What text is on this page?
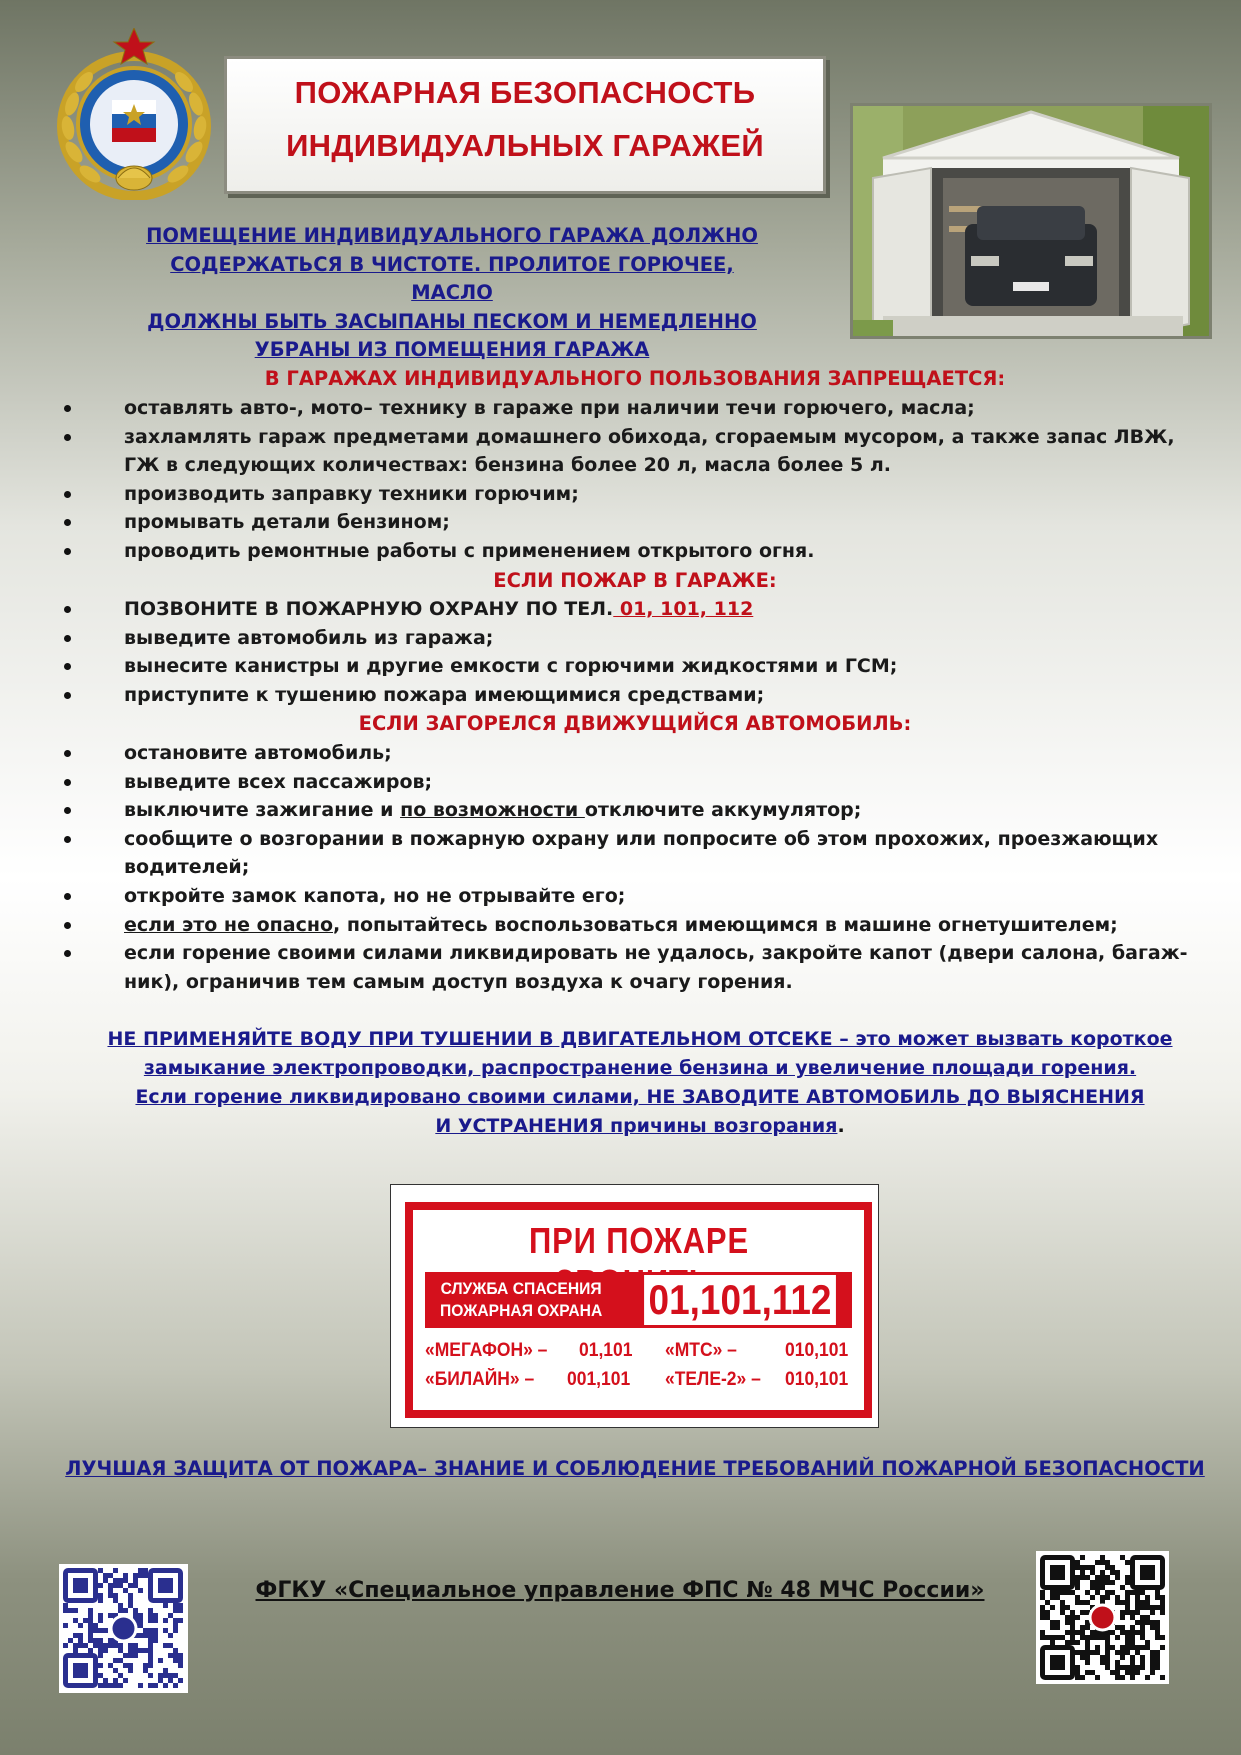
ПОЖАРНАЯ БЕЗОПАСНОСТЬ
ИНДИВИДУАЛЬНЫХ ГАРАЖЕЙ
ПОМЕЩЕНИЕ ИНДИВИДУАЛЬНОГО ГАРАЖА ДОЛЖНО
СОДЕРЖАТЬСЯ В ЧИСТОТЕ. ПРОЛИТОЕ ГОРЮЧЕЕ, МАСЛО
ДОЛЖНЫ БЫТЬ ЗАСЫПАНЫ ПЕСКОМ И НЕМЕДЛЕННО
УБРАНЫ ИЗ ПОМЕЩЕНИЯ ГАРАЖА
В ГАРАЖАХ ИНДИВИДУАЛЬНОГО ПОЛЬЗОВАНИЯ ЗАПРЕЩАЕТСЯ:
оставлять авто-, мото– технику в гараже при наличии течи горючего, масла;
захламлять гараж предметами домашнего обихода, сгораемым мусором, а также запас ЛВЖ, ГЖ в следующих количествах: бензина более 20 л, масла более 5 л.
производить заправку техники горючим;
промывать детали бензином;
проводить ремонтные работы с применением открытого огня.
ЕСЛИ ПОЖАР В ГАРАЖЕ:
ПОЗВОНИТЕ В ПОЖАРНУЮ ОХРАНУ ПО ТЕЛ. 01, 101, 112
выведите автомобиль из гаража;
вынесите канистры и другие емкости с горючими жидкостями и ГСМ;
приступите к тушению пожара имеющимися средствами;
ЕСЛИ ЗАГОРЕЛСЯ ДВИЖУЩИЙСЯ АВТОМОБИЛЬ:
остановите автомобиль;
выведите всех пассажиров;
выключите зажигание и по возможности отключите аккумулятор;
сообщите о возгорании в пожарную охрану или попросите об этом прохожих, проезжающих водителей;
откройте замок капота, но не отрывайте его;
если это не опасно, попытайтесь воспользоваться имеющимся в машине огнетушителем;
если горение своими силами ликвидировать не удалось, закройте капот (двери салона, багаж-ник), ограничив тем самым доступ воздуха к очагу горения.
НЕ ПРИМЕНЯЙТЕ ВОДУ ПРИ ТУШЕНИИ В ДВИГАТЕЛЬНОМ ОТСЕКЕ – это может вызвать короткое
замыкание электропроводки, распространение бензина и увеличение площади горения.
Если горение ликвидировано своими силами, НЕ ЗАВОДИТЕ АВТОМОБИЛЬ ДО ВЫЯСНЕНИЯ
И УСТРАНЕНИЯ причины возгорания.
ПРИ ПОЖАРЕ
СЛУЖБА СПАСЕНИЯ
ПОЖАРНАЯ ОХРАНА 01,101,112
«МЕГАФОН» – 01,101 «МТС» –	010,101
«БИЛАЙН» – 001,101 «ТЕЛЕ-2» – 010,101
ЛУЧШАЯ ЗАЩИТА ОТ ПОЖАРА– ЗНАНИЕ И СОБЛЮДЕНИЕ ТРЕБОВАНИЙ ПОЖАРНОЙ БЕЗОПАСНОСТИ
ФГКУ «Специальное управление ФПС № 48 МЧС России»
